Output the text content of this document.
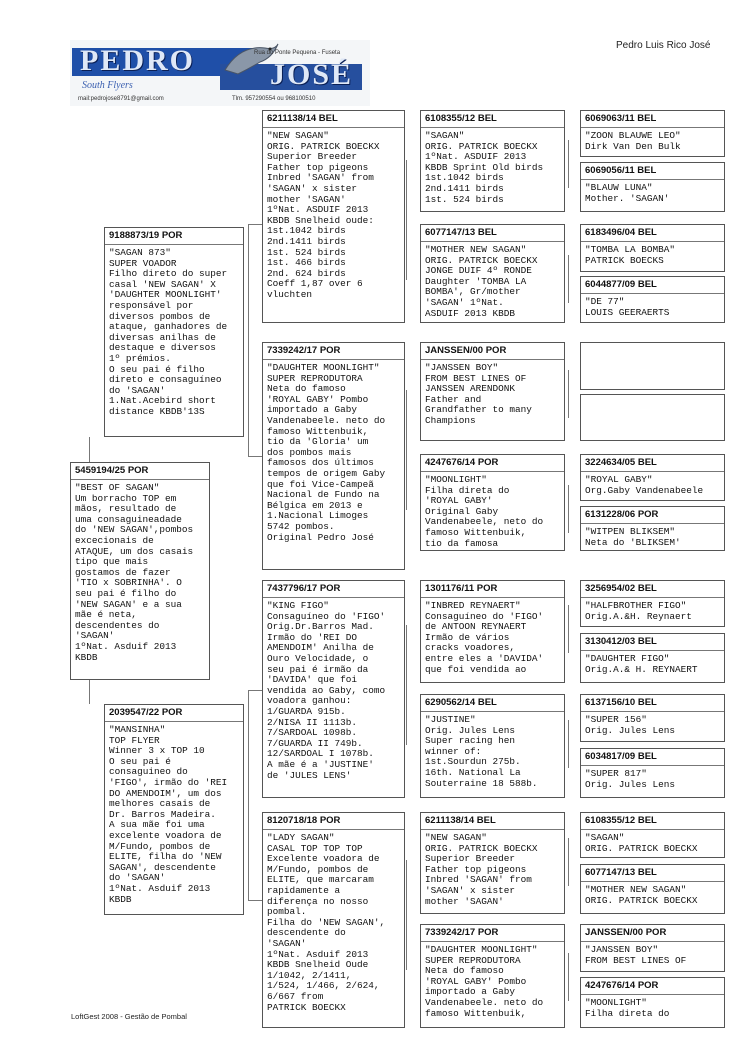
PEDRO	JOSÉ
Rua do Ponte Pequena - Fuseta
South Flyers
mail:pedrojose8791@gmail.com	Tlm. 957290554 ou 968100510
Pedro Luis Rico José
5459194/25 POR
"BEST OF SAGAN"
Um borracho TOP em
mãos, resultado de
uma consaguineadade
do 'NEW SAGAN',pombos
excecionais de
ATAQUE, um dos casais
tipo que mais
gostamos de fazer
'TIO x SOBRINHA'. O
seu pai é filho do
'NEW SAGAN' e a sua
mãe é neta,
descendentes do
'SAGAN'
1ºNat. Asduif 2013
KBDB
9188873/19 POR
"SAGAN 873"
SUPER VOADOR
Filho direto do super
casal 'NEW SAGAN' X
'DAUGHTER MOONLIGHT'
responsável por
diversos pombos de
ataque, ganhadores de
diversas anilhas de
destaque e diversos
1º prémios.
O seu pai é filho
direto e consaguíneo
do 'SAGAN'
1.Nat.Acebird short
distance KBDB'13S
2039547/22 POR
"MANSINHA"
TOP FLYER
Winner 3 x TOP 10
O seu pai é
consaguineo do
'FIGO', irmão do 'REI
DO AMENDOIM', um dos
melhores casais de
Dr. Barros Madeira.
A sua mãe foi uma
excelente voadora de
M/Fundo, pombos de
ELITE, filha do 'NEW
SAGAN', descendente
do 'SAGAN'
1ºNat. Asduif 2013
KBDB
6211138/14 BEL
"NEW SAGAN"
ORIG. PATRICK BOECKX
Superior Breeder
Father top pigeons
Inbred 'SAGAN' from
'SAGAN' x sister
mother 'SAGAN'
1ºNat. ASDUIF 2013
KBDB Snelheid oude:
1st.1042 birds
2nd.1411 birds
1st. 524 birds
1st. 466 birds
2nd. 624 birds
Coeff 1,87 over 6
vluchten
7339242/17 POR
"DAUGHTER MOONLIGHT"
SUPER REPRODUTORA
Neta do famoso
'ROYAL GABY' Pombo
importado a Gaby
Vandenabeele. neto do
famoso Wittenbuik,
tio da 'Gloria' um
dos pombos mais
famosos dos últimos
tempos de origem Gaby
que foi Vice-Campeã
Nacional de Fundo na
Bélgica em 2013 e
1.Nacional Limoges
5742 pombos.
Original Pedro José
7437796/17 POR
"KING FIGO"
Consaguíneo do 'FIGO'
Orig.Dr.Barros Mad.
Irmão do 'REI DO
AMENDOIM' Anilha de
Ouro Velocidade, o
seu pai é irmão da
'DAVIDA' que foi
vendida ao Gaby, como
voadora ganhou:
1/GUARDA 915b.
2/NISA II 1113b.
7/SARDOAL 1098b.
7/GUARDA II 749b.
12/SARDOAL I 1078b.
A mãe é a 'JUSTINE'
de 'JULES LENS'
8120718/18 POR
"LADY SAGAN"
CASAL TOP TOP TOP
Excelente voadora de
M/Fundo, pombos de
ELITE, que marcaram
rapidamente a
diferença no nosso
pombal.
Filha do 'NEW SAGAN',
descendente do
'SAGAN'
1ºNat. Asduif 2013
KBDB Snelheid Oude
1/1042, 2/1411,
1/524, 1/466, 2/624,
6/667 from
PATRICK BOECKX
6108355/12 BEL
"SAGAN"
ORIG. PATRICK BOECKX
1ºNat. ASDUIF 2013
KBDB Sprint Old birds
1st.1042 birds
2nd.1411 birds
1st. 524 birds
6077147/13 BEL
"MOTHER NEW SAGAN"
ORIG. PATRICK BOECKX
JONGE DUIF 4º RONDE
Daughter 'TOMBA LA
BOMBA', Gr/mother
'SAGAN' 1ºNat.
ASDUIF 2013 KBDB
JANSSEN/00 POR
"JANSSEN BOY"
FROM BEST LINES OF
JANSSEN ARENDONK
Father and
Grandfather to many
Champions
4247676/14 POR
"MOONLIGHT"
Filha direta do
'ROYAL GABY'
Original Gaby
Vandenabeele, neto do
famoso Wittenbuik,
tio da famosa
1301176/11 POR
"INBRED REYNAERT"
Consaguíneo do 'FIGO'
de ANTOON REYNAERT
Irmão de vários
cracks voadores,
entre eles a 'DAVIDA'
que foi vendida ao
6290562/14 BEL
"JUSTINE"
Orig. Jules Lens
Super racing hen
winner of:
1st.Sourdun 275b.
16th. National La
Souterraine 18 588b.
6211138/14 BEL
"NEW SAGAN"
ORIG. PATRICK BOECKX
Superior Breeder
Father top pigeons
Inbred 'SAGAN' from
'SAGAN' x sister
mother 'SAGAN'
7339242/17 POR
"DAUGHTER MOONLIGHT"
SUPER REPRODUTORA
Neta do famoso
'ROYAL GABY' Pombo
importado a Gaby
Vandenabeele. neto do
famoso Wittenbuik,
6069063/11 BEL
"ZOON BLAUWE LEO"
Dirk Van Den Bulk
6069056/11 BEL
"BLAUW LUNA"
Mother. 'SAGAN'
6183496/04 BEL
"TOMBA LA BOMBA"
PATRICK BOECKS
6044877/09 BEL
"DE 77"
LOUIS GEERAERTS
3224634/05 BEL
"ROYAL GABY"
Org.Gaby Vandenabeele
6131228/06 POR
"WITPEN BLIKSEM"
Neta do 'BLIKSEM'
3256954/02 BEL
"HALFBROTHER FIGO"
Orig.A.&H. Reynaert
3130412/03 BEL
"DAUGHTER FIGO"
Orig.A.& H. REYNAERT
6137156/10 BEL
"SUPER 156"
Orig. Jules Lens
6034817/09 BEL
"SUPER 817"
Orig. Jules Lens
6108355/12 BEL
"SAGAN"
ORIG. PATRICK BOECKX
6077147/13 BEL
"MOTHER NEW SAGAN"
ORIG. PATRICK BOECKX
JANSSEN/00 POR
"JANSSEN BOY"
FROM BEST LINES OF
4247676/14 POR
"MOONLIGHT"
Filha direta do
LoftGest 2008 - Gestão de Pombal
